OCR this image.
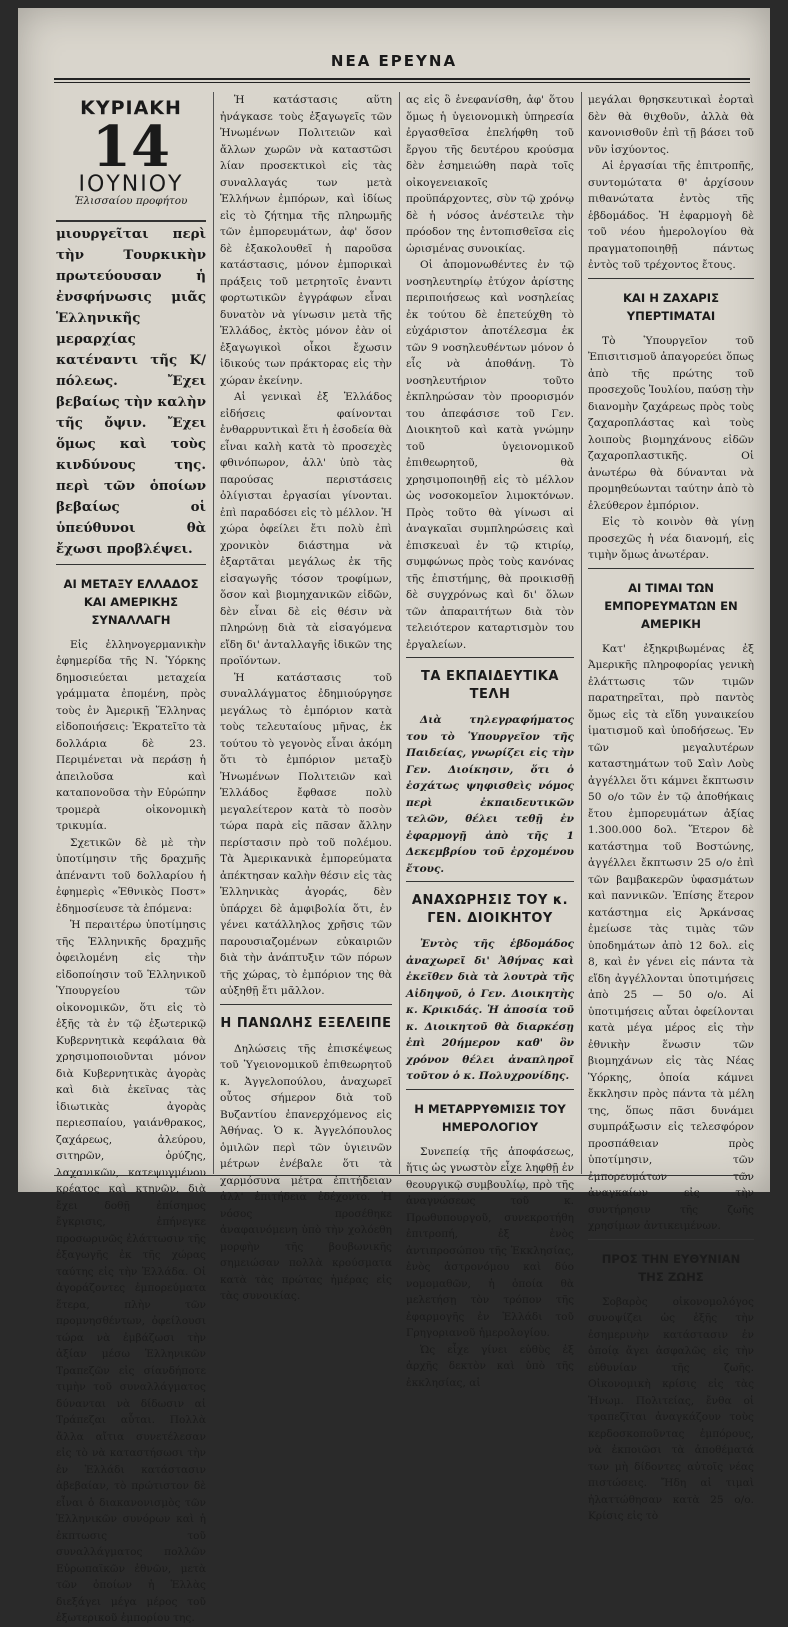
ΝΕΑ ΕΡΕΥΝΑ
ΚΥΡΙΑΚΗ
14
ΙΟΥΝΙΟΥ
Ἐλισσαίου προφήτου
μιουργεῖται περὶ τὴν Τουρκικὴν πρωτεύουσαν ἡ ἐνσφήνωσις μιᾶς Ἑλληνικῆς μεραρχίας κατέναντι τῆς Κ/πόλεως. Ἔχει βεβαίως τὴν καλὴν τῆς ὄψιν. Ἔχει ὅμως καὶ τοὺς κινδύνους της. περὶ τῶν ὁποίων βεβαίως οἱ ὑπεύθυνοι θὰ ἔχωσι προβλέψει.
ΑΙ ΜΕΤΑΞΥ ΕΛΛΑΔΟΣ ΚΑΙ ΑΜΕΡΙΚΗΣ ΣΥΝΑΛΛΑΓΗ

Εἰς ἐλληνογερμανικὴν ἐφημερίδα τῆς Ν. Ὑόρκης δημοσιεύεται μεταχεία γράμματα ἐπομένη, πρὸς τοὺς ἐν Ἀμερικῇ Ἕλληνας εἰδοποιήσεις: Ἐκρατεῖτο τὰ δολλάρια δὲ 23. Περιμένεται νὰ περάσῃ ἡ ἀπειλοῦσα καὶ καταπονοῦσα τὴν Εὐρώπην τρομερὰ οἰκονομικὴ τρικυμία.

Σχετικῶν δὲ μὲ τὴν ὑποτίμησιν τῆς δραχμῆς ἀπέναντι τοῦ δολλαρίου ἡ ἐφημερὶς «Ἐθνικὸς Ποστ» ἐδημοσίευσε τὰ ἑπόμενα:

Ἡ περαιτέρω ὑποτίμησις τῆς Ἑλληνικῆς δραχμῆς ὀφειλομένη εἰς τὴν εἰδοποίησιν τοῦ Ἑλληνικοῦ Ὑπουργείου τῶν οἰκονομικῶν, ὅτι εἰς τὸ ἑξῆς τὰ ἐν τῷ ἐξωτερικῷ Κυβερνητικὰ κεφάλαια θὰ χρησιμοποιοῦνται μόνον διὰ Κυβερνητικὰς ἀγορὰς καὶ διὰ ἐκεῖνας τὰς ἰδιωτικὰς ἀγορὰς περιεσπαίου, γαιάνθρακος, ζαχάρεως, ἀλεύρου, σιτηρῶν, ὀρύζης, λαχανικῶν, κατεψυγμένου κρέατος καὶ κτηνῶν, διὰ ἔχει δοθῇ ἐπίσημος ἔγκρισις, ἐπήνεγκε προσωρινῶς ἐλάττωσιν τῆς ἐξαγωγῆς ἐκ τῆς χώρας ταύτης εἰς τὴν Ἑλλάδα. Οἱ ἀγοράζοντες ἐμπορεύματα ἕτερα, πλὴν τῶν προμνησθέντων, ὀφείλουσι τώρα νὰ ἐμβάζωσι τὴν ἀξίαν μέσω Ἑλληνικῶν Τραπεζῶν εἰς σίανδήποτε τιμὴν τοῦ συναλλάγματος δύνανται νὰ δίδωσιν αἱ Τράπεζαι αὗται. Πολλὰ ἄλλα αἴτια συνετέλεσαν εἰς τὸ νὰ καταστήσωσι τὴν ἐν Ἑλλάδι κατάστασιν ἀβεβαίαν, τὸ πρώτιστον δὲ εἶναι ὁ διακανονισμὸς τῶν Ἑλληνικῶν συνόρων καὶ ἡ ἐκπτωσις τοῦ συναλλάγματος πολλῶν Εὐρωπαϊκῶν ἐθνῶν, μετὰ τῶν ὁποίων ἡ Ἑλλὰς διεξάγει μέγα μέρος τοῦ ἐξωτερικοῦ ἐμπορίου της.

Ἡ κατάστασις αὕτη ἠνάγκασε τοὺς ἐξαγωγεῖς τῶν Ἠνωμένων Πολιτειῶν καὶ ἄλλων χωρῶν νὰ καταστῶσι λίαν προσεκτικοὶ εἰς τὰς συναλλαγάς των μετὰ Ἑλλήνων ἐμπόρων, καὶ ἰδίως εἰς τὸ ζήτημα τῆς πληρωμῆς τῶν ἐμπορευμάτων, ἀφ' ὅσον δὲ ἐξακολουθεῖ ἡ παροῦσα κατάστασις, μόνον ἐμπορικαὶ πράξεις τοῦ μετρητοῖς ἐναντι φορτωτικῶν ἐγγράφων εἶναι δυνατὸν νὰ γίνωσιν μετὰ τῆς Ἑλλάδος, ἐκτὸς μόνον ἐὰν οἱ ἐξαγωγικοὶ οἶκοι ἔχωσιν ἰδικούς των πράκτορας εἰς τὴν χώραν ἐκείνην.

Αἱ γενικαὶ ἐξ Ἑλλάδος εἰδήσεις φαίνονται ἐνθαρρυντικαὶ ἔτι ἡ ἐσοδεία θὰ εἶναι καλὴ κατὰ τὸ προσεχὲς φθινόπωρον, ἀλλ' ὑπὸ τὰς παρούσας περιστάσεις ὀλίγισται ἐργασίαι γίνονται. ἐπὶ παραδόσει εἰς τὸ μέλλον. Ἡ χώρα ὀφείλει ἔτι πολὺ ἐπὶ χρονικὸν διάστημα νὰ ἐξαρτᾶται μεγάλως ἐκ τῆς εἰσαγωγῆς τόσον τροφίμων, ὅσον καὶ βιομηχανικῶν εἰδῶν, δὲν εἶναι δὲ εἰς θέσιν νὰ πληρώνῃ διὰ τὰ εἰσαγόμενα εἴδη δι' ἀνταλλαγῆς ἰδικῶν της προϊόντων.

Ἡ κατάστασις τοῦ συναλλάγματος ἐδημιούργησε μεγάλως τὸ ἐμπόριον κατὰ τοὺς τελευταίους μῆνας, ἐκ τούτου τὸ γεγονὸς εἶναι ἀκόμη ὅτι τὸ ἐμπόριον μεταξὺ Ἠνωμένων Πολιτειῶν καὶ Ἑλλάδος ἔφθασε πολὺ μεγαλείτερον κατὰ τὸ ποσὸν τώρα παρὰ εἰς πᾶσαν ἄλλην περίστασιν πρὸ τοῦ πολέμου. Τὰ Ἀμερικανικὰ ἐμπορεύματα ἀπέκτησαν καλὴν θέσιν εἰς τὰς Ἑλληνικὰς ἀγοράς, δὲν ὑπάρχει δὲ ἀμφιβολία ὅτι, ἐν γένει κατάλληλος χρῆσις τῶν παρουσιαζομένων εὐκαιριῶν διὰ τὴν ἀνάπτυξιν τῶν πόρων τῆς χώρας, τὸ ἐμπόριον της θὰ αὐξηθῇ ἔτι μᾶλλον.

Η ΠΑΝΩΛΗΣ ΕΞΕΛΕΙΠΕ

Δηλώσεις τῆς ἐπισκέψεως τοῦ Ὑγειονομικοῦ ἐπιθεωρητοῦ κ. Ἀγγελοπούλου, ἀναχωρεῖ οὗτος σήμερον διὰ τοῦ Βυζαντίου ἐπανερχόμενος εἰς Ἀθήνας. Ὁ κ. Ἀγγελόπουλος ὁμιλῶν περὶ τῶν ὑγιεινῶν μέτρων ἐνέβαλε ὅτι τὰ χαρμόσυνα μέτρα ἐπιτήδειαν ἀλλ' ἐπιτήδεια ἐδέχοντο. Ἡ νόσος προσέθηκε ἀναφαινόμενη ὑπὸ τὴν χολόεθη μορφὴν τῆς βουβωνικῆς σημειώσαν πολλὰ κρούσματα κατὰ τὰς πρώτας ἡμέρας εἰς τὰς συνοικίας.

ας εἰς ὃ ἐνεφανίσθη, ἀφ' ὅτου ὅμως ἡ ὑγειονομικὴ ὑπηρεσία ἐργασθεῖσα ἐπελήφθη τοῦ ἔργου τῆς δευτέρου κρούσμα δὲν ἐσημειώθη παρὰ τοῖς οἰκογενειακοῖς προϋπάρχοντες, σὺν τῷ χρόνῳ δὲ ἡ νόσος ἀνέστειλε τὴν πρόοδον της ἐντοπισθεῖσα εἰς ὡρισμένας συνοικίας.

Οἱ ἀπομονωθέντες ἐν τῷ νοσηλευτηρίῳ ἐτύχον ἀρίστης περιποιήσεως καὶ νοσηλείας ἐκ τούτου δὲ ἐπετεύχθη τὸ εὐχάριστον ἀποτέλεσμα ἐκ τῶν 9 νοσηλευθέντων μόνον ὁ εἷς νὰ ἀποθάνῃ. Τὸ νοσηλευτήριον τοῦτο ἐκπληρώσαν τὸν προορισμόν του ἀπεφάσισε τοῦ Γεν. Διοικητοῦ καὶ κατὰ γνώμην τοῦ ὑγειονομικοῦ ἐπιθεωρητοῦ, θὰ χρησιμοποιηθῇ εἰς τὸ μέλλον ὡς νοσοκομεῖον λιμοκτόνων. Πρὸς τοῦτο θὰ γίνωσι αἱ ἀναγκαῖαι συμπληρώσεις καὶ ἐπισκευαὶ ἐν τῷ κτιρίῳ, συμφώνως πρὸς τοὺς κανόνας τῆς ἐπιστήμης, θὰ προικισθῇ δὲ συγχρόνως καὶ δι' ὅλων τῶν ἀπαραιτήτων διὰ τὸν τελειότερον καταρτισμὸν του ἐργαλείων.

ΤΑ ΕΚΠΑΙΔΕΥΤΙΚΑ ΤΕΛΗ

Διὰ τηλεγραφήματος του τὸ Ὑπουργεῖον τῆς Παιδείας, γνωρίζει εἰς τὴν Γεν. Διοίκησιν, ὅτι ὁ ἐσχάτως ψηφισθεὶς νόμος περὶ ἐκπαιδευτικῶν τελῶν, θέλει τεθῇ ἐν ἐφαρμογῇ ἀπὸ τῆς 1 Δεκεμβρίου τοῦ ἐρχομένου ἔτους.

ΑΝΑΧΩΡΗΣΙΣ ΤΟΥ κ. ΓΕΝ. ΔΙΟΙΚΗΤΟΥ

Ἐντὸς τῆς ἑβδομάδος ἀναχωρεῖ δι' Ἀθήνας καὶ ἐκεῖθεν διὰ τὰ λουτρὰ τῆς Αἰδηψοῦ, ὁ Γεν. Διοικητὴς κ. Κρικιδάς. Ἡ ἀποσία τοῦ κ. Διοικητοῦ θὰ διαρκέσῃ ἐπὶ 20ήμερον καθ' ὃν χρόνον θέλει ἀναπληροῖ τοῦτον ὁ κ. Πολυχρονίδης.

Η ΜΕΤΑΡΡΥΘΜΙΣΙΣ ΤΟΥ ΗΜΕΡΟΛΟΓΙΟΥ

Συνεπείᾳ τῆς ἀποφάσεως, ἥτις ὡς γνωστὸν εἶχε ληφθῇ ἐν θεουργικῷ συμβουλίῳ, πρὸ τῆς ἀναγνώσεως τοῦ κ. Πρωθυπουργοῦ, συνεκροτήθη ἐπιτροπή, ἐξ ἑνὸς ἀντιπροσώπου τῆς Ἐκκλησίας, ἑνὸς ἀστρονόμου καὶ δύο νομομαθῶν, ἡ ὁποία θὰ μελετήσῃ τὸν τρόπον τῆς ἐφαρμογῆς ἐν Ἑλλάδι τοῦ Γρηγοριανοῦ ἡμερολογίου.

Ὡς εἶχε γίνει εὐθὺς ἐξ ἀρχῆς δεκτὸν καὶ ὑπὸ τῆς ἐκκλησίας, αἱ

μεγάλαι θρησκευτικαὶ ἑορταὶ δὲν θὰ θιχθοῦν, ἀλλὰ θὰ κανονισθοῦν ἐπὶ τῇ βάσει τοῦ νῦν ἰσχύοντος.

Αἱ ἐργασίαι τῆς ἐπιτροπῆς, συντομώτατα θ' ἀρχίσουν πιθανώτατα ἐντὸς τῆς ἑβδομάδος. Ἡ ἐφαρμογὴ δὲ τοῦ νέου ἡμερολογίου θὰ πραγματοποιηθῇ πάντως ἐντὸς τοῦ τρέχοντος ἔτους.

ΚΑΙ Η ΖΑΧΑΡΙΣ ΥΠΕΡΤΙΜΑΤΑΙ

Τὸ Ὑπουργεῖον τοῦ Ἐπισιτισμοῦ ἀπαγορεύει ὅπως ἀπὸ τῆς πρώτης τοῦ προσεχοῦς Ἰουλίου, παύσῃ τὴν διανομὴν ζαχάρεως πρὸς τοὺς ζαχαροπλάστας καὶ τοὺς λοιποὺς βιομηχάνους εἰδῶν ζαχαροπλαστικῆς. Οἱ ἀνωτέρω θὰ δύνανται νὰ προμηθεύωνται ταύτην ἀπὸ τὸ ἐλεύθερον ἐμπόριον.

Εἰς τὸ κοινὸν θὰ γίνῃ προσεχῶς ἡ νέα διανομή, εἰς τιμὴν ὅμως ἀνωτέραν.

ΑΙ ΤΙΜΑΙ ΤΩΝ ΕΜΠΟΡΕΥΜΑΤΩΝ ΕΝ ΑΜΕΡΙΚΗ

Κατ' ἐξηκριβωμένας ἐξ Ἀμερικῆς πληροφορίας γενικὴ ἐλάττωσις τῶν τιμῶν παρατηρεῖται, πρὸ παντὸς ὅμως εἰς τὰ εἴδη γυναικείου ἱματισμοῦ καὶ ὑποδήσεως. Ἐν τῶν μεγαλυτέρων καταστημάτων τοῦ Σαὶν Λοὺς ἀγγέλλει ὅτι κάμνει ἔκπτωσιν 50 ο/ο τῶν ἐν τῷ ἀποθήκαις ἔτου ἐμπορευμάτων ἀξίας 1.300.000 δολ. Ἕτερον δὲ κατάστημα τοῦ Βοστώνης, ἀγγέλλει ἔκπτωσιν 25 ο/ο ἐπὶ τῶν βαμβακερῶν ὑφασμάτων καὶ παννικῶν. Ἐπίσης ἕτερον κατάστημα εἰς Ἀρκάνσας ἐμείωσε τὰς τιμὰς τῶν ὑποδημάτων ἀπὸ 12 δολ. εἰς 8, καὶ ἐν γένει εἰς πάντα τὰ εἴδη ἀγγέλλονται ὑποτιμήσεις ἀπὸ 25 — 50 ο/ο. Αἱ ὑποτιμήσεις αὗται ὀφείλονται κατὰ μέγα μέρος εἰς τὴν ἐθνικὴν ἕνωσιν τῶν βιομηχάνων εἰς τὰς Νέας Ὑόρκης, ὁποία κάμνει ἔκκλησιν πρὸς πάντα τὰ μέλη της, ὅπως πᾶσι δυνάμει συμπράξωσιν εἰς τελεσφόρον προσπάθειαν πρὸς ὑποτίμησιν, τῶν ἐμπορευμάτων τῶν ἀναγκαίων εἰς τὴν συντήρησιν τῆς ζωῆς χρησίμων ἀντικειμένων.

ΠΡΟΣ ΤΗΝ ΕΥΘΥΝΙΑΝ ΤΗΣ ΖΩΗΣ

Σοβαρὸς οἰκονομολόγος συνοψίζει ὡς ἑξῆς τὴν ἐσημερινὴν κατάστασιν ἐν ὁποίᾳ ἄγει ἀσφαλῶς εἰς τὴν εὐθυνίαν τῆς ζωῆς. Οἰκονομικὴ κρίσις εἰς τὰς Ἠνωμ. Πολιτείας, ἔνθα οἱ τραπεζῖται ἀναγκάζουν τοὺς κερδοσκοποῦντας ἐμπόρους, νὰ ἐκποιῶσι τὰ ἀποθέματά των μὴ δίδοντες αὐτοῖς νέας πιστώσεις. Ἤδη αἱ τιμαὶ ἠλαττώθησαν κατὰ 25 ο/ο. Κρίσις εἰς τὸ
